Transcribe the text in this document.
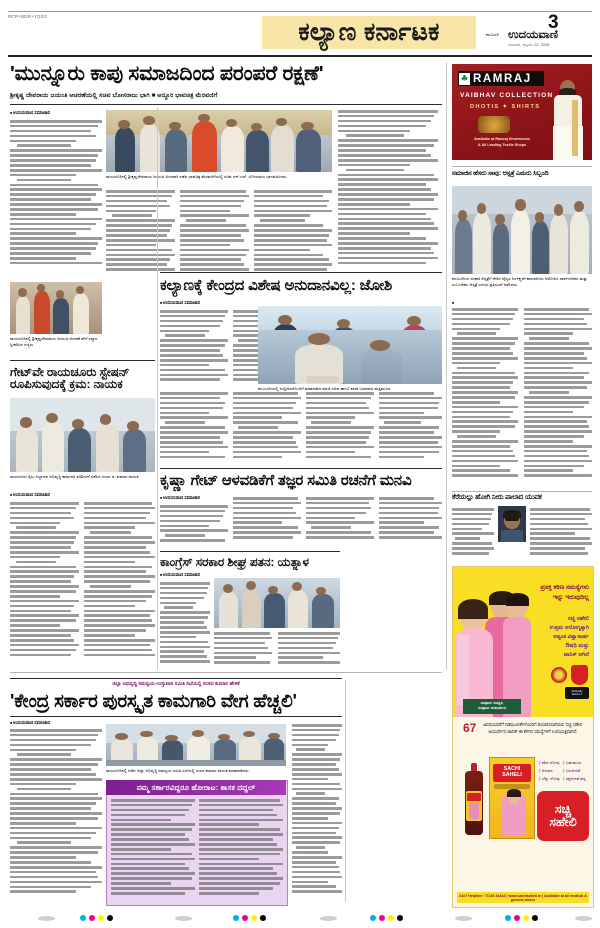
RCR+BDR+YDG3
ಕಲ್ಯಾಣ ಕರ್ನಾಟಕ	3
ಕಲಬುರಗಿ ಉದಯವಾಣಿ
ಕಲಬುರಗಿ, ಫೆಬ್ರವರಿ 22, 2026
'ಮುನ್ನೂರು ಕಾಪು ಸಮಾಜದಿಂದ ಪರಂಪರೆ ರಕ್ಷಣೆ'
ಶ್ರೀಕೃಷ್ಣ ದೇವರಾಯ ಜಯಂತಿ ಆಚರಣೆಯಲ್ಲಿ ಸಚಿವ ಬೋಸರಾಜು ಭಾಗಿ ■ ಅದ್ದೂರಿ ಭಾವಚಿತ್ರ ಮೆರವಣಿಗೆ
■ ಉದಯವಾಣಿ ಸಮಾಚಾರ
ರಾಯಚೂರಿನಲ್ಲಿ ಶ್ರೀಕೃಷ್ಣದೇವರಾಯ ಜಯಂತಿ ಅಂಗವಾಗಿ ನಡೆದ ಭಾವಚಿತ್ರ ಮೆರವಣಿಗೆಯಲ್ಲಿ ಸಚಿವ ಎನ್.ಎಸ್. ಬೋಸರಾಜು ಭಾಗವಹಿಸಿದರು.
ರಾಯಚೂರಿನಲ್ಲಿ ಶ್ರೀಕೃಷ್ಣದೇವರಾಯ ಜಯಂತಿ ಆಚರಣೆ ವೇಳೆ ಸನ್ಮಾನ ಸ್ವೀಕರಿಸಿದ ಗಣ್ಯರು.
ಗೇಟ್‌ವೇ ರಾಯಚೂರು ಸ್ಟೇಷನ್ ರೂಪಿಸುವುದಕ್ಕೆ ಕ್ರಮ: ನಾಯಕ
ರಾಯಚೂರು ರೈಲು ನಿಲ್ದಾಣದ ಅಭಿವೃದ್ಧಿ ಕಾಮಗಾರಿ ಪರಿಶೀಲನೆ ನಡೆಸಿದ ಸಂಸದ ಜಿ. ಕುಮಾರ ನಾಯಕ.
■ ಉದಯವಾಣಿ ಸಮಾಚಾರ
ಕಲ್ಯಾಣಕ್ಕೆ ಕೇಂದ್ರದ ವಿಶೇಷ ಅನುದಾನವಿಲ್ಲ: ಜೋಶಿ
■ ಉದಯವಾಣಿ ಸಮಾಚಾರ
ಕಲಬುರಗಿಯಲ್ಲಿ ಸುದ್ದಿಗಾರರೊಂದಿಗೆ ಮಾತನಾಡಿದ ಮಾಜಿ ಸಚಿವ ಹಾಗೂ ಶಾಸಕ ಬಸವರಾಜ ಮತ್ತಿಮೂಡ.
ಕೃಷ್ಣಾ ಗೇಟ್ ಆಳವಡಿಕೆಗೆ ತಜ್ಞರ ಸಮಿತಿ ರಚನೆಗೆ ಮನವಿ
■ ಉದಯವಾಣಿ ಸಮಾಚಾರ
ಕಾಂಗ್ರೆಸ್ ಸರಕಾರ ಶೀಘ್ರ ಪತನ: ಯತ್ನಾಳ
■ ಉದಯವಾಣಿ ಸಮಾಚಾರ
☘ RAMRAJ
VAIBHAV COLLECTION
DHOTIS ✦ SHIRTS
Available at Ramraj Showrooms
& All Leading Textile Shops
ನಮಾಜಿನ ಹೆಸರು ಸಾವು: ಆಸ್ಪತ್ರೆ ಎಮರು ಸಿಬ್ಬಂದಿ
ಕಲಬುರಗಿಯ ಸರಕಾರಿ ಆಸ್ಪತ್ರೆಗೆ ಸೇರಿದ ವೈದ್ಯರ ನಿರ್ಲಕ್ಷ್ಯವೇ ಕಾರಣವೆಂದು ಆರೋಪಿಸಿ ಸಾರ್ವಜನಿಕರು ಮತ್ತು ಸಂಬಂಧಿಕರು ಆಸ್ಪತ್ರೆ ಎದುರು ಪ್ರತಿಭಟನೆ ನಡೆಸಿದರು.
■
ಕೆರೆಯಲ್ಲು ಹೋಗಿ ನೀರು ಪಾಲಾದ ಯುವಕ
ಪ್ರಸಕ್ತ ಕಠಿಣ ಸಮಸ್ಯೆಗಳು
ಇನ್ನು ಇರುವುದಿಲ್ಲ
ಸಚ್ಚಿ ಸಹೇಲಿ
ಉತ್ತಮ ಆರೋಗ್ಯಕ್ಕಾಗಿ
ಅತ್ಯಂತ ವಿಶ್ವಾಸಾರ್ಹ
ಔಷಧಿ ಮತ್ತು
ಟಾನಿಕ್ ಆಗಿದೆ
Clinically
Tested ✔
ಸಂಪೂರ್ಣ ಸುರಕ್ಷಿತ,
ಸಂಪೂರ್ಣ ಆಯುರ್ವೇದ
67	ಅವಧಿಯವರೆಗೆ ಗಿಡಮೂಲಿಕೆಗಳೊಂದಿಗೆ ತಯಾರಿಸಲಾಗಿರುವ 'ಸಚ್ಚಿ ಸಹೇಲಿ' ಆಯುರ್ವೇದ ಟಾನಿಕ್ ಈ ಕೆಳಗಿನ ಸಮಸ್ಯೆಗಳಿಗೆ ಉಪಯುಕ್ತವಾಗಿದೆ.
SACHI
SAHELI
⟩ ಕಠಿಣ ನೋವು ⟩ ಬಹುಮುಖ ⟩ ಆಯಾಸ	⟩ ಬಲಹೀನತೆ ⟩ ಬೆನ್ನು ನೋವು ⟩ ರಕ್ತಹೀನತೆ ಹಸ್ತ
ಸಚ್ಚಿ
ಸಹೇಲಿ
24x7 Helpline: 77126 44444 | www.sachisaheli.in | Available at all medical & general stores
ಜಿಲ್ಲಾ ಅಭಿವೃದ್ಧಿ ಸಮನ್ವಯ-ಉಸ್ತುವಾರಿ ಸಮಿತಿ ಸಭೆಯಲ್ಲಿ ಸಂಸದ ಕುಮಾರ ಹೇಳಿಕೆ
'ಕೇಂದ್ರ ಸರ್ಕಾರ ಪುರಸ್ಕೃತ ಕಾಮಗಾರಿ ವೇಗ ಹೆಚ್ಚಲಿ'
■ ಉದಯವಾಣಿ ಸಮಾಚಾರ
ರಾಯಚೂರಿನಲ್ಲಿ ನಡೆದ ಜಿಲ್ಲಾ ಅಭಿವೃದ್ಧಿ ಸಮನ್ವಯ ಸಮಿತಿ ಸಭೆಯಲ್ಲಿ ಸಂಸದ ಕುಮಾರ ನಾಯಕ ಮಾತನಾಡಿದರು.
ನಮ್ಮ ಸರ್ಕಾರವಿದ್ದರೂ ಹೋರಾಟ: ಶಾಸಕ ದದ್ದಲ್
